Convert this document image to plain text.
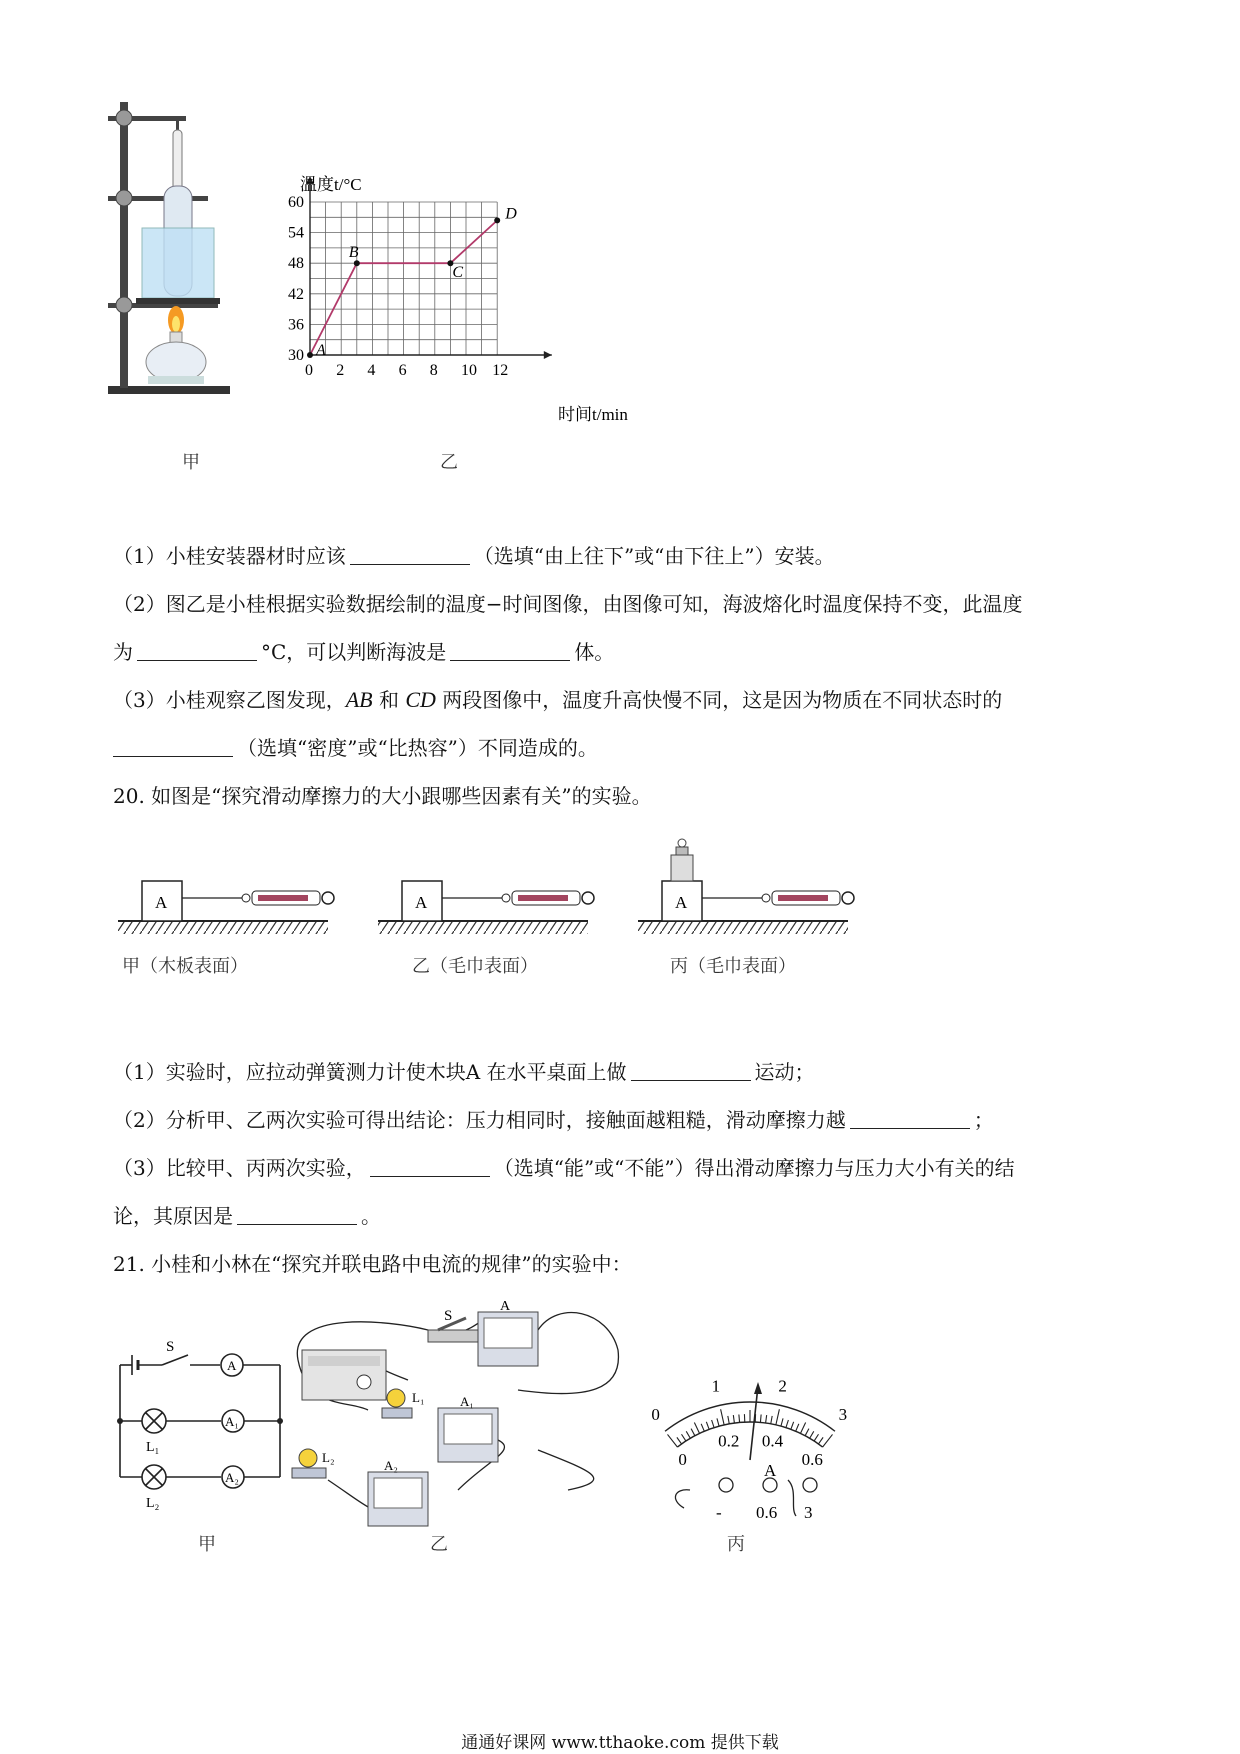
甲
0 2 4 6 8 10 12
30
36
42
48
54
60
A
B
C
D
温度t/°C
时间t/min
乙
（1）小桂安装器材时应该	（选填“由上往下”或“由下往上”）安装。
（2）图乙是小桂根据实验数据绘制的温度−时间图像，由图像可知，海波熔化时温度保持不变，此温度
为	°C，可以判断海波是	体。
（3）小桂观察乙图发现，AB 和 CD 两段图像中，温度升高快慢不同，这是因为物质在不同状态时的
（选填“密度”或“比热容”）不同造成的。
20. 如图是“探究滑动摩擦力的大小跟哪些因素有关”的实验。
A	A	A
甲（木板表面）	乙（毛巾表面）	丙（毛巾表面）
（1）实验时，应拉动弹簧测力计使木块A 在水平桌面上做	运动；
（2）分析甲、乙两次实验可得出结论：压力相同时，接触面越粗糙，滑动摩擦力越	；
（3）比较甲、丙两次实验，	（选填“能”或“不能”）得出滑动摩擦力与压力大小有关的结
论，其原因是	。
21. 小桂和小林在“探究并联电路中电流的规律”的实验中：
S
A
A₁
A₂
L₁
L₂
甲
S
A
L₁	A₁
L₂
A₂
乙
0
1	2
3
0
0.2 0.4
0.6
A
- 0.6 3
丙
通通好课网 www.tthaoke.com 提供下载
